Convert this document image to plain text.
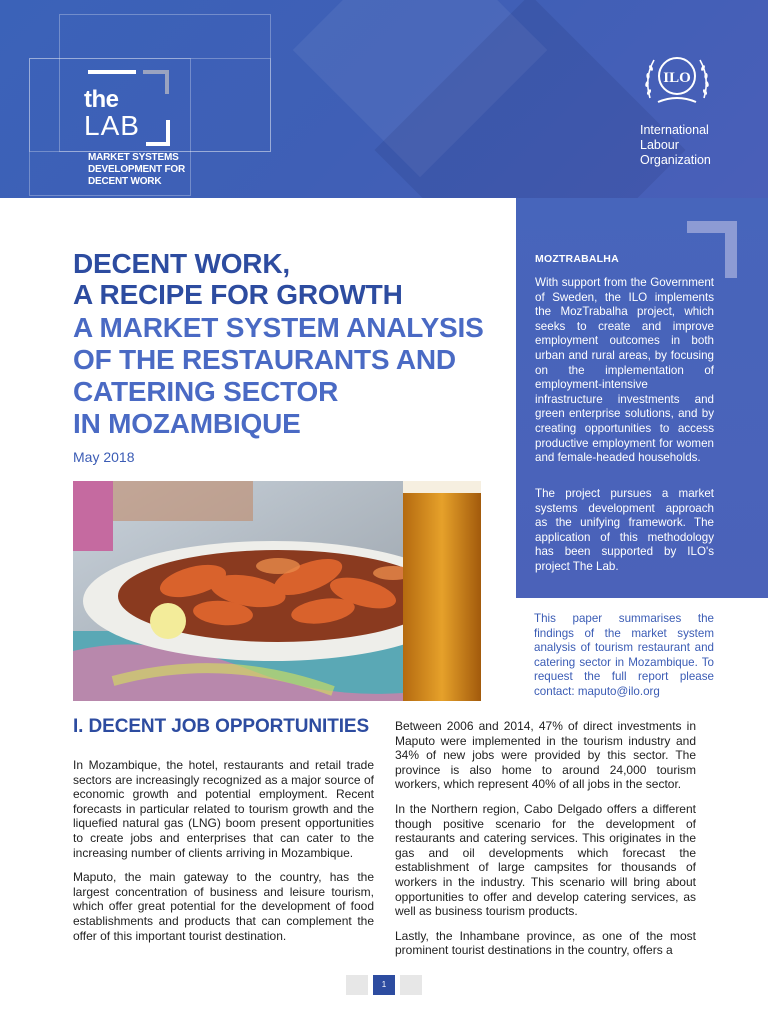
the
LAB
MARKET SYSTEMS
DEVELOPMENT FOR
DECENT WORK
ILO
International
Labour
Organization
MOZTRABALHA
With support from the Government of Sweden, the ILO implements the MozTrabalha project, which seeks to create and improve employment outcomes in both urban and rural areas, by focusing on the implementation of employment-intensive infrastructure investments and green enterprise solutions, and by creating opportunities to access productive employment for women and female-headed households.
The project pursues a market systems development approach as the unifying framework. The application of this methodology has been supported by ILO's project The Lab.
DECENT WORK,
A RECIPE FOR GROWTH
A MARKET SYSTEM ANALYSIS
OF THE RESTAURANTS AND
CATERING SECTOR
IN MOZAMBIQUE
May 2018
This paper summarises the findings of the market system analysis of tourism restaurant and catering sector in Mozambique. To request the full report please contact: maputo@ilo.org
I. DECENT JOB OPPORTUNITIES

In Mozambique, the hotel, restaurants and retail trade sectors are increasingly recognized as a major source of economic growth and potential employment. Recent forecasts in particular related to tourism growth and the liquefied natural gas (LNG) boom present opportunities to create jobs and enterprises that can cater to the increasing number of clients arriving in Mozambique.

Maputo, the main gateway to the country, has the largest concentration of business and leisure tourism, which offer great potential for the development of food establishments and products that can complement the offer of this important tourist destination.

Between 2006 and 2014, 47% of direct investments in Maputo were implemented in the tourism industry and 34% of new jobs were provided by this sector. The province is also home to around 24,000 tourism workers, which represent 40% of all jobs in the sector.

In the Northern region, Cabo Delgado offers a different though positive scenario for the development of restaurants and catering services. This originates in the gas and oil developments which forecast the establishment of large campsites for thousands of workers in the industry. This scenario will bring about opportunities to offer and develop catering services, as well as business tourism products.

Lastly, the Inhambane province, as one of the most prominent tourist destinations in the country, offers a

1
